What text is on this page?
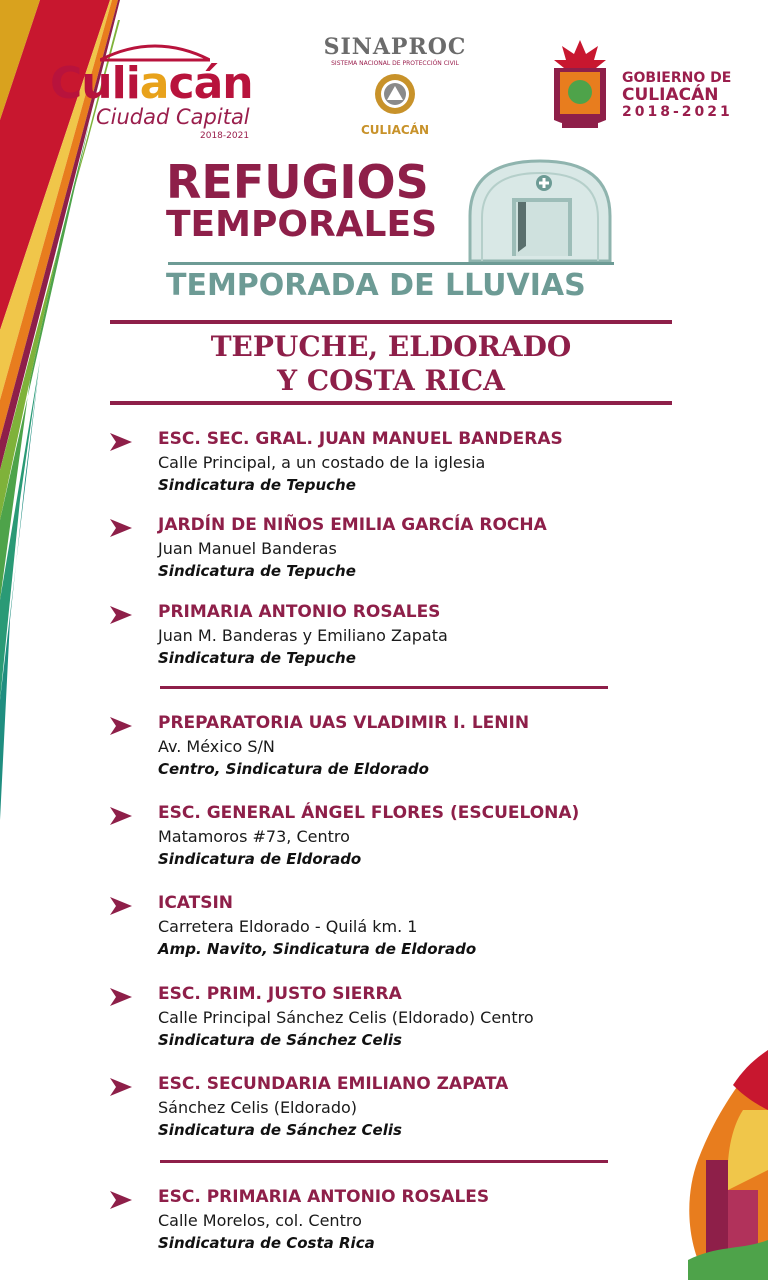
Culiacán
Ciudad Capital
2018-2021
SINAPROC
SISTEMA NACIONAL DE PROTECCIÓN CIVIL
CULIACÁN
GOBIERNO DE
CULIACÁN
2018-2021
REFUGIOS
TEMPORALES
TEMPORADA DE LLUVIAS
TEPUCHE, ELDORADO
Y COSTA RICA
ESC. SEC. GRAL. JUAN MANUEL BANDERAS
Calle Principal, a un costado de la iglesia
Sindicatura de Tepuche
JARDÍN DE NIÑOS EMILIA GARCÍA ROCHA
Juan Manuel Banderas
Sindicatura de Tepuche
PRIMARIA ANTONIO ROSALES
Juan M. Banderas y Emiliano Zapata
Sindicatura de Tepuche
PREPARATORIA UAS VLADIMIR I. LENIN
Av. México S/N
Centro, Sindicatura de Eldorado
ESC. GENERAL ÁNGEL FLORES (ESCUELONA)
Matamoros #73, Centro
Sindicatura de Eldorado
ICATSIN
Carretera Eldorado - Quilá km. 1
Amp. Navito, Sindicatura de Eldorado
ESC. PRIM. JUSTO SIERRA
Calle Principal Sánchez Celis (Eldorado) Centro
Sindicatura de Sánchez Celis
ESC. SECUNDARIA EMILIANO ZAPATA
Sánchez Celis (Eldorado)
Sindicatura de Sánchez Celis
ESC. PRIMARIA ANTONIO ROSALES
Calle Morelos, col. Centro
Sindicatura de Costa Rica
